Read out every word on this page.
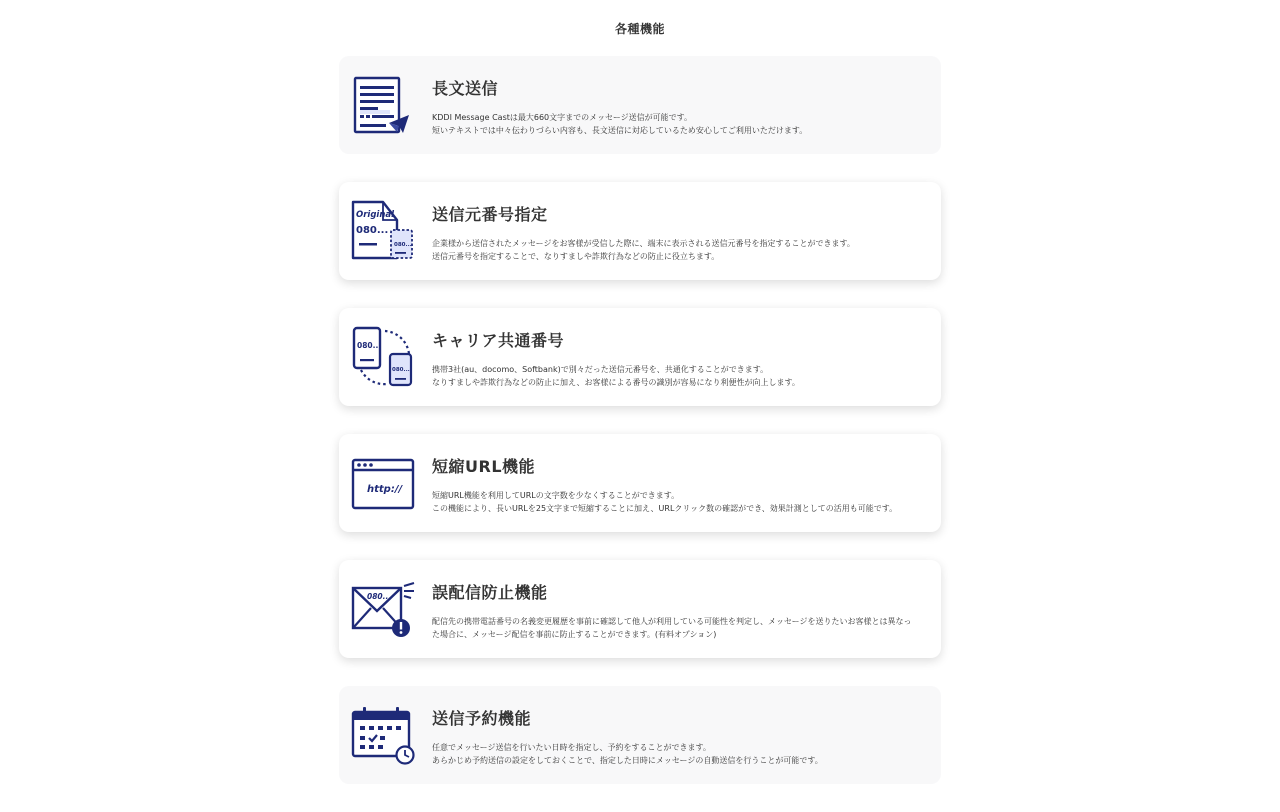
各種機能
長文送信
KDDI Message Castは最大660文字までのメッセージ送信が可能です。
短いテキストでは中々伝わりづらい内容も、長文送信に対応しているため安心してご利用いただけます。
Original
080...
080...
送信元番号指定
企業様から送信されたメッセージをお客様が受信した際に、端末に表示される送信元番号を指定することができます。
送信元番号を指定することで、なりすましや詐欺行為などの防止に役立ちます。
080...
080...
キャリア共通番号
携帯3社(au、docomo、Softbank)で別々だった送信元番号を、共通化することができます。
なりすましや詐欺行為などの防止に加え、お客様による番号の識別が容易になり利便性が向上します。
http://
短縮URL機能
短縮URL機能を利用してURLの文字数を少なくすることができます。
この機能により、長いURLを25文字まで短縮することに加え、URLクリック数の確認ができ、効果計測としての活用も可能です。
080...	誤配信防止機能
配信先の携帯電話番号の名義変更履歴を事前に確認して他人が利用している可能性を判定し、メッセージを送りたいお客様とは異なっ
た場合に、メッセージ配信を事前に防止することができます。(有料オプション)
送信予約機能
任意でメッセージ送信を行いたい日時を指定し、予約をすることができます。
あらかじめ予約送信の設定をしておくことで、指定した日時にメッセージの自動送信を行うことが可能です。
